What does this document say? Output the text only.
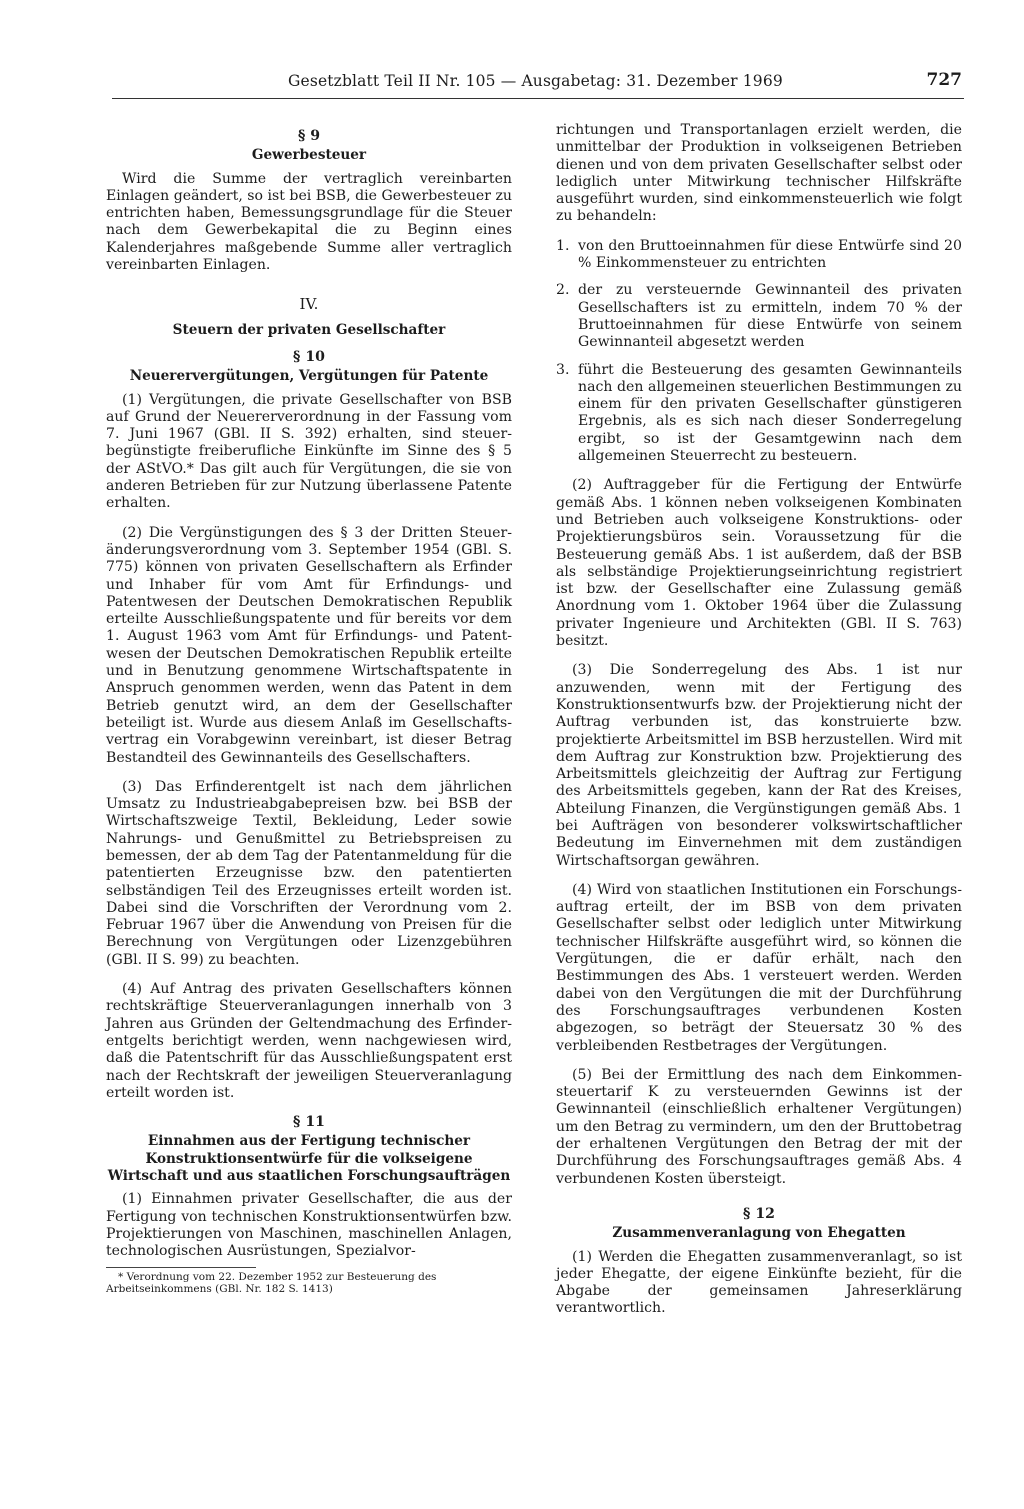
Gesetzblatt Teil II Nr. 105 — Ausgabetag: 31. Dezember 1969	727
§ 9
Gewerbesteuer

Wird die Summe der vertraglich vereinbarten Einlagen geändert, so ist bei BSB, die Gewerbesteuer zu entrichten haben, Bemessungsgrundlage für die Steuer nach dem Gewerbekapital die zu Beginn eines Kalenderjahres maßgebende Summe aller vertraglich vereinbarten Einlagen.

IV.
Steuern der privaten Gesellschafter
§ 10
Neuerervergütungen, Vergütungen für Patente

(1) Vergütungen, die private Gesellschafter von BSB auf Grund der Neuererverordnung in der Fassung vom 7. Juni 1967 (GBl. II S. 392) erhalten, sind steuerbegünstigte freiberufliche Einkünfte im Sinne des § 5 der AStVO.* Das gilt auch für Vergütungen, die sie von anderen Betrieben für zur Nutzung überlassene Patente erhalten.

(2) Die Vergünstigungen des § 3 der Dritten Steueränderungsverordnung vom 3. September 1954 (GBl. S. 775) können von privaten Gesellschaftern als Erfinder und Inhaber für vom Amt für Erfindungs- und Patentwesen der Deutschen Demokratischen Republik erteilte Ausschließungspatente und für bereits vor dem 1. August 1963 vom Amt für Erfindungs- und Patentwesen der Deutschen Demokratischen Republik erteilte und in Benutzung genommene Wirtschaftspatente in Anspruch genommen werden, wenn das Patent in dem Betrieb genutzt wird, an dem der Gesellschafter beteiligt ist. Wurde aus diesem Anlaß im Gesellschaftsvertrag ein Vorabgewinn vereinbart, ist dieser Betrag Bestandteil des Gewinnanteils des Gesellschafters.

(3) Das Erfinderentgelt ist nach dem jährlichen Umsatz zu Industrieabgabepreisen bzw. bei BSB der Wirtschaftszweige Textil, Bekleidung, Leder sowie Nahrungs- und Genußmittel zu Betriebspreisen zu bemessen, der ab dem Tag der Patentanmeldung für die patentierten Erzeugnisse bzw. den patentierten selbständigen Teil des Erzeugnisses erteilt worden ist. Dabei sind die Vorschriften der Verordnung vom 2. Februar 1967 über die Anwendung von Preisen für die Berechnung von Vergütungen oder Lizenzgebühren (GBl. II S. 99) zu beachten.

(4) Auf Antrag des privaten Gesellschafters können rechtskräftige Steuerveranlagungen innerhalb von 3 Jahren aus Gründen der Geltendmachung des Erfinderentgelts berichtigt werden, wenn nachgewiesen wird, daß die Patentschrift für das Ausschließungspatent erst nach der Rechtskraft der jeweiligen Steuerveranlagung erteilt worden ist.

§ 11
Einnahmen aus der Fertigung technischer Konstruktionsentwürfe für die volkseigene Wirtschaft und aus staatlichen Forschungsaufträgen

(1) Einnahmen privater Gesellschafter, die aus der Fertigung von technischen Konstruktionsentwürfen bzw. Projektierungen von Maschinen, maschinellen Anlagen, technologischen Ausrüstungen, Spezialvor-

* Verordnung vom 22. Dezember 1952 zur Besteuerung des Arbeitseinkommens (GBl. Nr. 182 S. 1413)

richtungen und Transportanlagen erzielt werden, die unmittelbar der Produktion in volkseigenen Betrieben dienen und von dem privaten Gesellschafter selbst oder lediglich unter Mitwirkung technischer Hilfskräfte ausgeführt wurden, sind einkommensteuerlich wie folgt zu behandeln:

1. von den Bruttoeinnahmen für diese Entwürfe sind 20 % Einkommensteuer zu entrichten
2. der zu versteuernde Gewinnanteil des privaten Gesellschafters ist zu ermitteln, indem 70 % der Bruttoeinnahmen für diese Entwürfe von seinem Gewinnanteil abgesetzt werden
3. führt die Besteuerung des gesamten Gewinnanteils nach den allgemeinen steuerlichen Bestimmungen zu einem für den privaten Gesellschafter günstigeren Ergebnis, als es sich nach dieser Sonderregelung ergibt, so ist der Gesamtgewinn nach dem allgemeinen Steuerrecht zu besteuern.

(2) Auftraggeber für die Fertigung der Entwürfe gemäß Abs. 1 können neben volkseigenen Kombinaten und Betrieben auch volkseigene Konstruktions- oder Projektierungsbüros sein. Voraussetzung für die Besteuerung gemäß Abs. 1 ist außerdem, daß der BSB als selbständige Projektierungseinrichtung registriert ist bzw. der Gesellschafter eine Zulassung gemäß Anordnung vom 1. Oktober 1964 über die Zulassung privater Ingenieure und Architekten (GBl. II S. 763) besitzt.

(3) Die Sonderregelung des Abs. 1 ist nur anzuwenden, wenn mit der Fertigung des Konstruktionsentwurfs bzw. der Projektierung nicht der Auftrag verbunden ist, das konstruierte bzw. projektierte Arbeitsmittel im BSB herzustellen. Wird mit dem Auftrag zur Konstruktion bzw. Projektierung des Arbeitsmittels gleichzeitig der Auftrag zur Fertigung des Arbeitsmittels gegeben, kann der Rat des Kreises, Abteilung Finanzen, die Vergünstigungen gemäß Abs. 1 bei Aufträgen von besonderer volkswirtschaftlicher Bedeutung im Einvernehmen mit dem zuständigen Wirtschaftsorgan gewähren.

(4) Wird von staatlichen Institutionen ein Forschungsauftrag erteilt, der im BSB von dem privaten Gesellschafter selbst oder lediglich unter Mitwirkung technischer Hilfskräfte ausgeführt wird, so können die Vergütungen, die er dafür erhält, nach den Bestimmungen des Abs. 1 versteuert werden. Werden dabei von den Vergütungen die mit der Durchführung des Forschungsauftrages verbundenen Kosten abgezogen, so beträgt der Steuersatz 30 % des verbleibenden Restbetrages der Vergütungen.

(5) Bei der Ermittlung des nach dem Einkommensteuertarif K zu versteuernden Gewinns ist der Gewinnanteil (einschließlich erhaltener Vergütungen) um den Betrag zu vermindern, um den der Bruttobetrag der erhaltenen Vergütungen den Betrag der mit der Durchführung des Forschungsauftrages gemäß Abs. 4 verbundenen Kosten übersteigt.

§ 12
Zusammenveranlagung von Ehegatten

(1) Werden die Ehegatten zusammenveranlagt, so ist jeder Ehegatte, der eigene Einkünfte bezieht, für die Abgabe der gemeinsamen Jahreserklärung verantwortlich.
